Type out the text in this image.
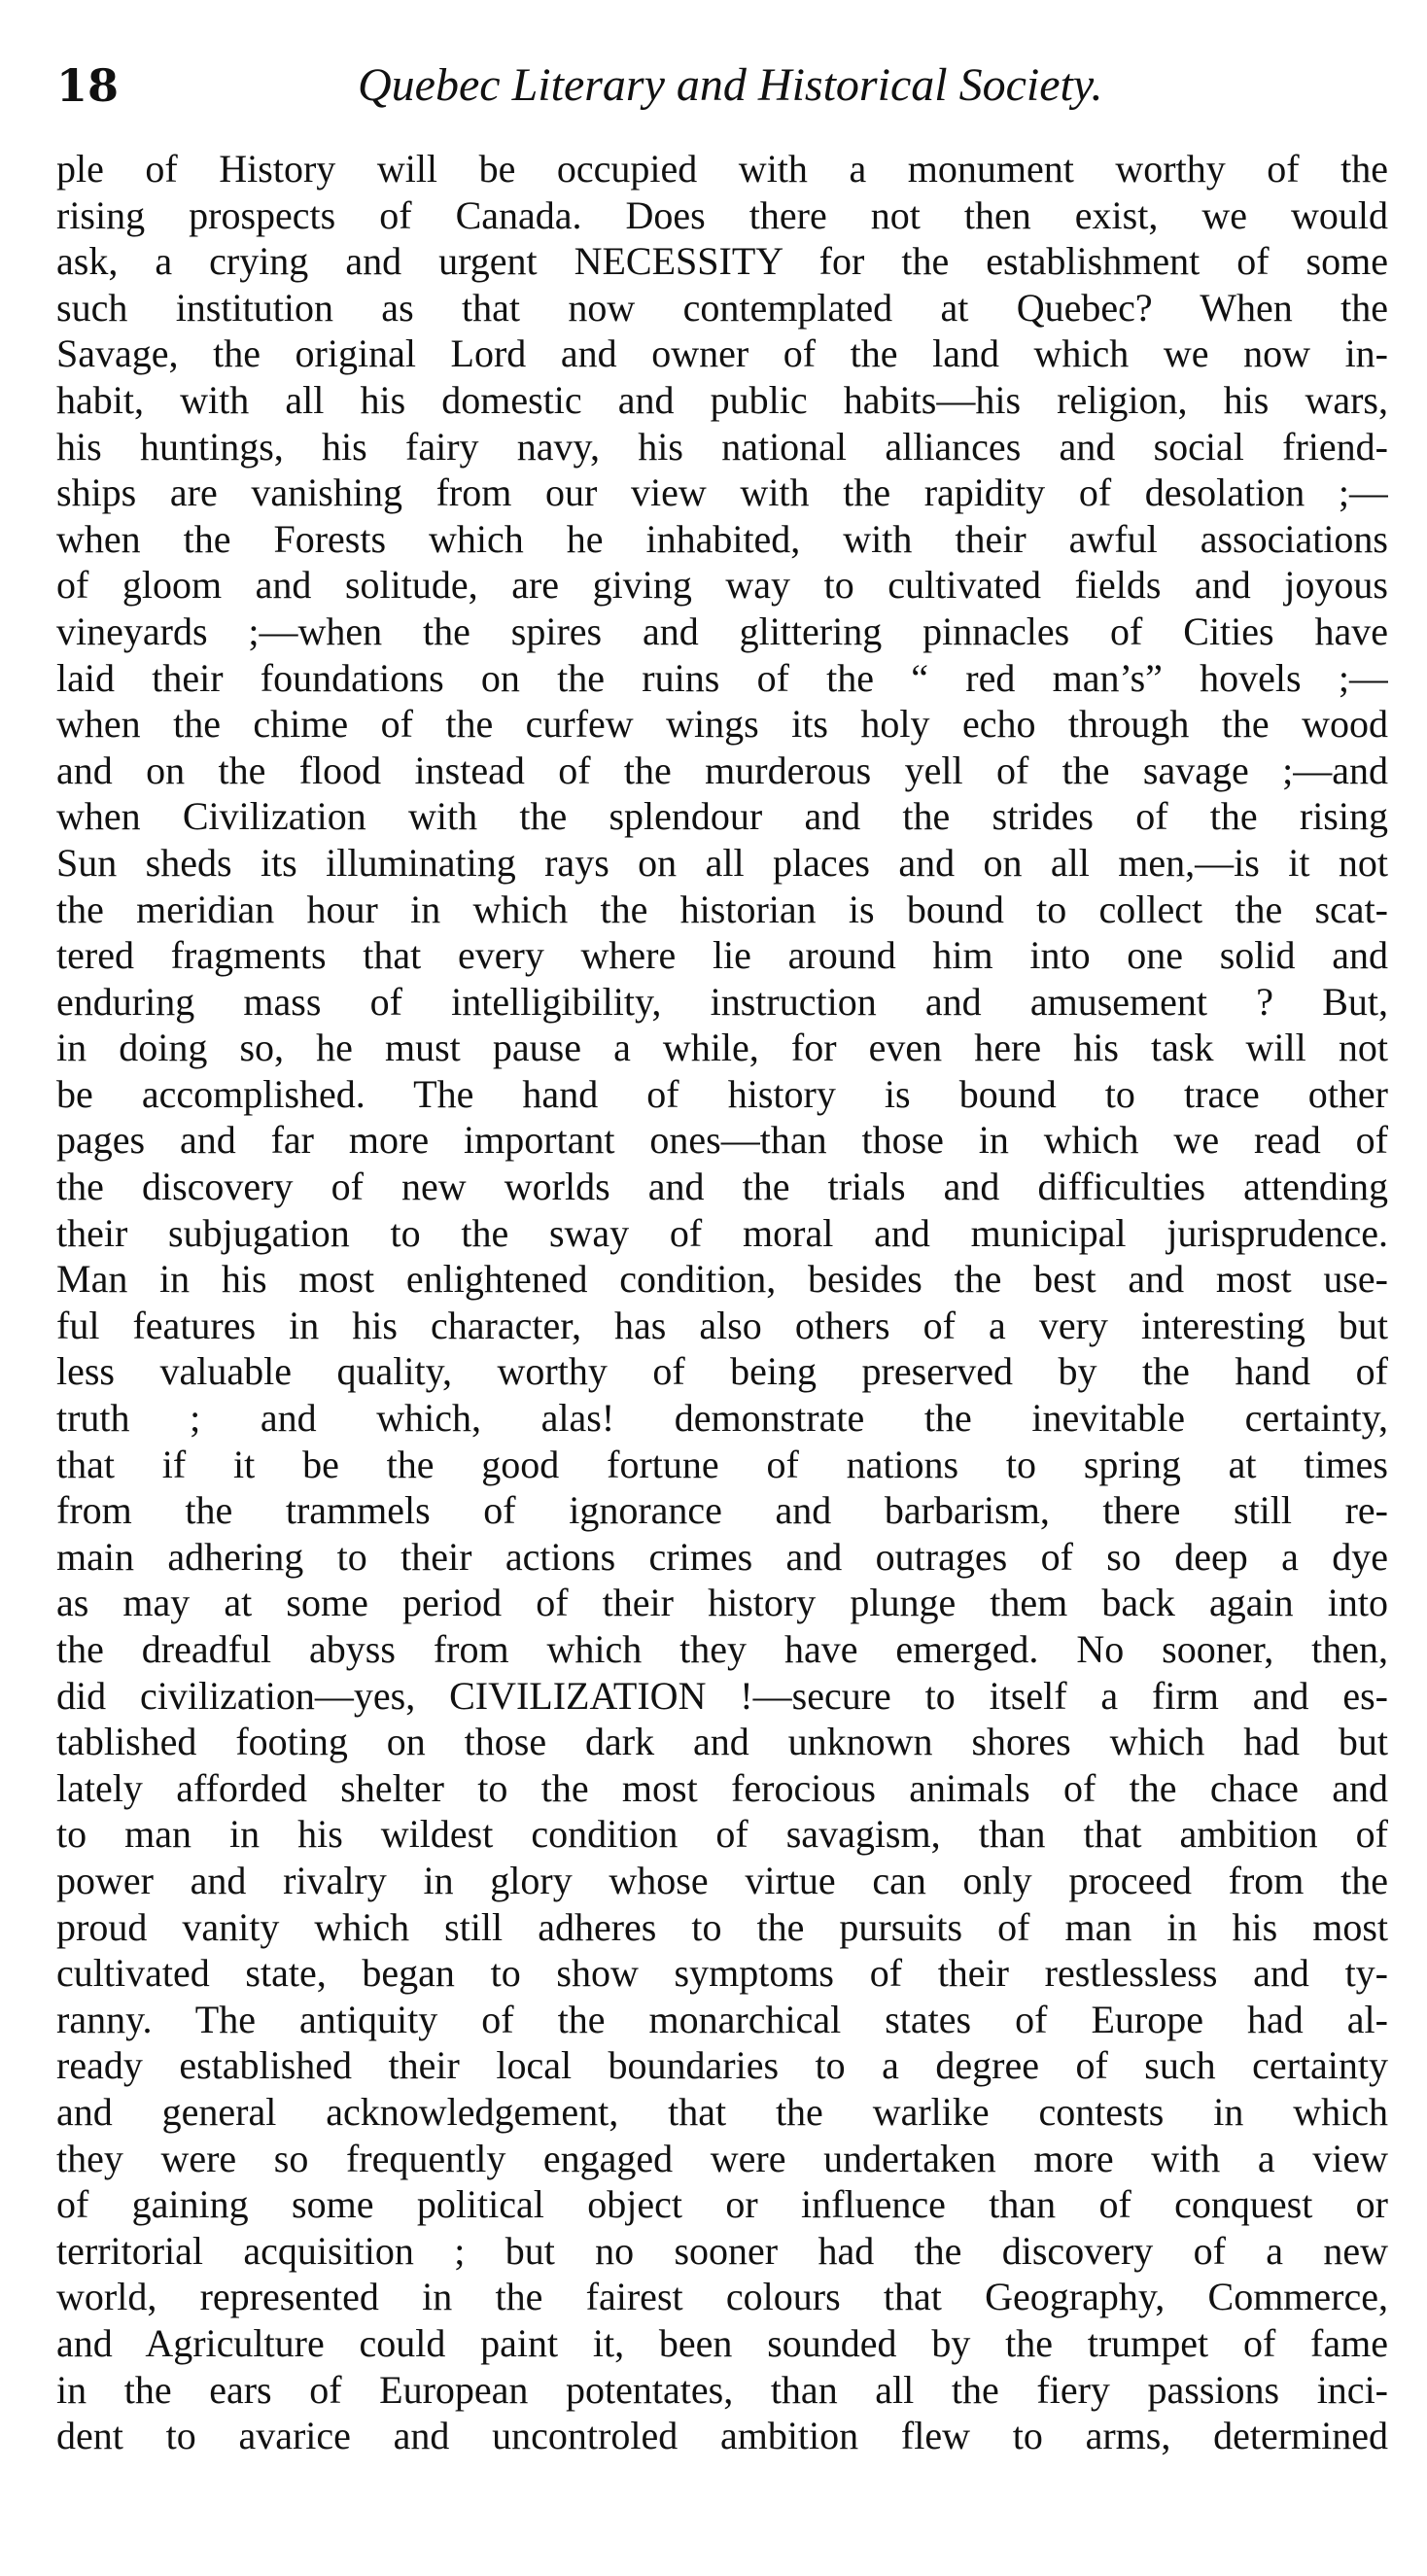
18	Quebec Literary and Historical Society.
ple of History will be occupied with a monument worthy of the
rising prospects of Canada. Does there not then exist, we would
ask, a crying and urgent NECESSITY for the establishment of some
such institution as that now contemplated at Quebec? When the
Savage, the original Lord and owner of the land which we now in-
habit, with all his domestic and public habits—his religion, his wars,
his huntings, his fairy navy, his national alliances and social friend-
ships are vanishing from our view with the rapidity of desolation ;—
when the Forests which he inhabited, with their awful associations
of gloom and solitude, are giving way to cultivated fields and joyous
vineyards ;—when the spires and glittering pinnacles of Cities have
laid their foundations on the ruins of the “ red man’s” hovels ;—
when the chime of the curfew wings its holy echo through the wood
and on the flood instead of the murderous yell of the savage ;—and
when Civilization with the splendour and the strides of the rising
Sun sheds its illuminating rays on all places and on all men,—is it not
the meridian hour in which the historian is bound to collect the scat-
tered fragments that every where lie around him into one solid and
enduring mass of intelligibility, instruction and amusement ? But,
in doing so, he must pause a while, for even here his task will not
be accomplished. The hand of history is bound to trace other
pages and far more important ones—than those in which we read of
the discovery of new worlds and the trials and difficulties attending
their subjugation to the sway of moral and municipal jurisprudence.
Man in his most enlightened condition, besides the best and most use-
ful features in his character, has also others of a very interesting but
less valuable quality, worthy of being preserved by the hand of
truth ; and which, alas! demonstrate the inevitable certainty,
that if it be the good fortune of nations to spring at times
from the trammels of ignorance and barbarism, there still re-
main adhering to their actions crimes and outrages of so deep a dye
as may at some period of their history plunge them back again into
the dreadful abyss from which they have emerged. No sooner, then,
did civilization—yes, CIVILIZATION !—secure to itself a firm and es-
tablished footing on those dark and unknown shores which had but
lately afforded shelter to the most ferocious animals of the chace and
to man in his wildest condition of savagism, than that ambition of
power and rivalry in glory whose virtue can only proceed from the
proud vanity which still adheres to the pursuits of man in his most
cultivated state, began to show symptoms of their restlessless and ty-
ranny. The antiquity of the monarchical states of Europe had al-
ready established their local boundaries to a degree of such certainty
and general acknowledgement, that the warlike contests in which
they were so frequently engaged were undertaken more with a view
of gaining some political object or influence than of conquest or
territorial acquisition ; but no sooner had the discovery of a new
world, represented in the fairest colours that Geography, Commerce,
and Agriculture could paint it, been sounded by the trumpet of fame
in the ears of European potentates, than all the fiery passions inci-
dent to avarice and uncontroled ambition flew to arms, determined
